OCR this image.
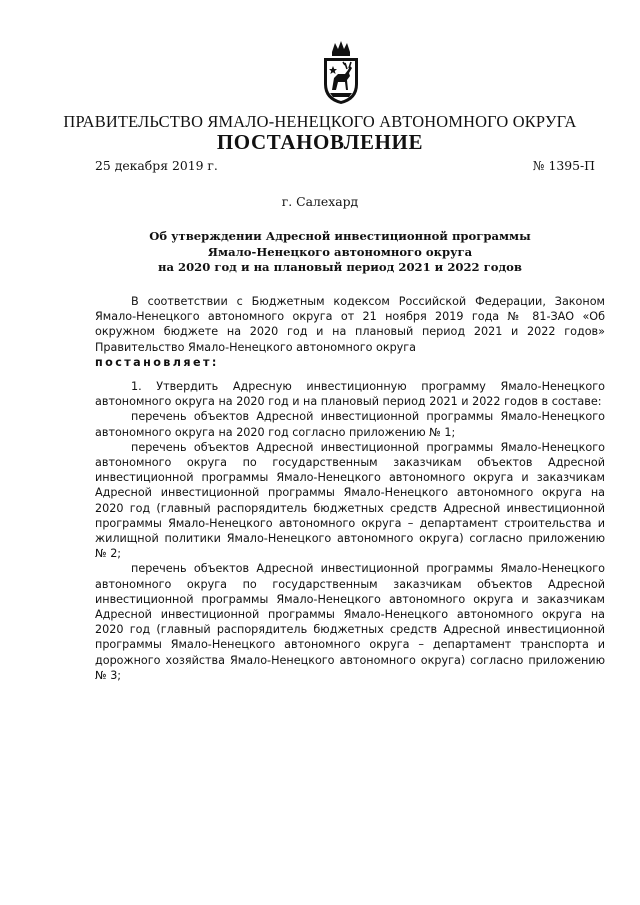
ПРАВИТЕЛЬСТВО ЯМАЛО-НЕНЕЦКОГО АВТОНОМНОГО ОКРУГА
ПОСТАНОВЛЕНИЕ
25 декабря 2019 г.	№ 1395-П
г. Салехард
Об утверждении Адресной инвестиционной программы
Ямало-Ненецкого автономного округа
на 2020 год и на плановый период 2021 и 2022 годов

В соответствии с Бюджетным кодексом Российской Федерации, Законом Ямало-Ненецкого автономного округа от 21 ноября 2019 года № 81-ЗАО «Об окружном бюджете на 2020 год и на плановый период 2021 и 2022 годов» Правительство Ямало-Ненецкого автономного округа

постановляет:

1. Утвердить Адресную инвестиционную программу Ямало-Ненецкого автономного округа на 2020 год и на плановый период 2021 и 2022 годов в составе:

перечень объектов Адресной инвестиционной программы Ямало-Ненецкого автономного округа на 2020 год согласно приложению № 1;

перечень объектов Адресной инвестиционной программы Ямало-Ненецкого автономного округа по государственным заказчикам объектов Адресной инвестиционной программы Ямало-Ненецкого автономного округа и заказчикам Адресной инвестиционной программы Ямало-Ненецкого автономного округа на 2020 год (главный распорядитель бюджетных средств Адресной инвестиционной программы Ямало-Ненецкого автономного округа – департамент строительства и жилищной политики Ямало-Ненецкого автономного округа) согласно приложению № 2;

перечень объектов Адресной инвестиционной программы Ямало-Ненецкого автономного округа по государственным заказчикам объектов Адресной инвестиционной программы Ямало-Ненецкого автономного округа и заказчикам Адресной инвестиционной программы Ямало-Ненецкого автономного округа на 2020 год (главный распорядитель бюджетных средств Адресной инвестиционной программы Ямало-Ненецкого автономного округа – департамент транспорта и дорожного хозяйства Ямало-Ненецкого автономного округа) согласно приложению № 3;
